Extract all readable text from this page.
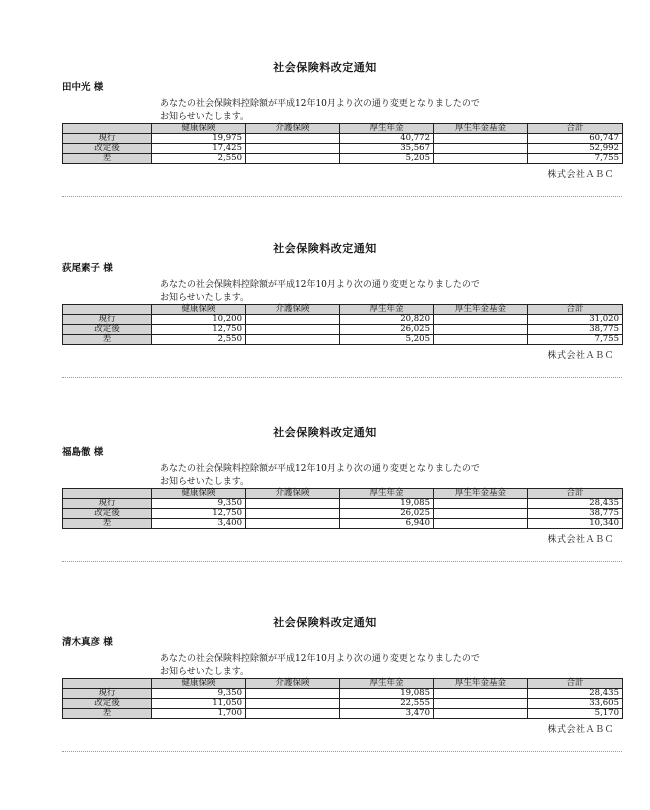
社会保険料改定通知
田中光 様
あなたの社会保険料控除額が平成12年10月より次の通り変更となりましたので
お知らせいたします。
	健康保険	介護保険	厚生年金	厚生年金基金	合計
現行	19,975		40,772		60,747
改定後	17,425		35,567		52,992
差	2,550		5,205		7,755
株式会社ＡＢＣ
社会保険料改定通知
荻尾素子 様
あなたの社会保険料控除額が平成12年10月より次の通り変更となりましたので
お知らせいたします。
	健康保険	介護保険	厚生年金	厚生年金基金	合計
現行	10,200		20,820		31,020
改定後	12,750		26,025		38,775
差	2,550		5,205		7,755
株式会社ＡＢＣ
社会保険料改定通知
福島徹 様
あなたの社会保険料控除額が平成12年10月より次の通り変更となりましたので
お知らせいたします。
	健康保険	介護保険	厚生年金	厚生年金基金	合計
現行	9,350		19,085		28,435
改定後	12,750		26,025		38,775
差	3,400		6,940		10,340
株式会社ＡＢＣ
社会保険料改定通知
清木真彦 様
あなたの社会保険料控除額が平成12年10月より次の通り変更となりましたので
お知らせいたします。
	健康保険	介護保険	厚生年金	厚生年金基金	合計
現行	9,350		19,085		28,435
改定後	11,050		22,555		33,605
差	1,700		3,470		5,170
株式会社ＡＢＣ
